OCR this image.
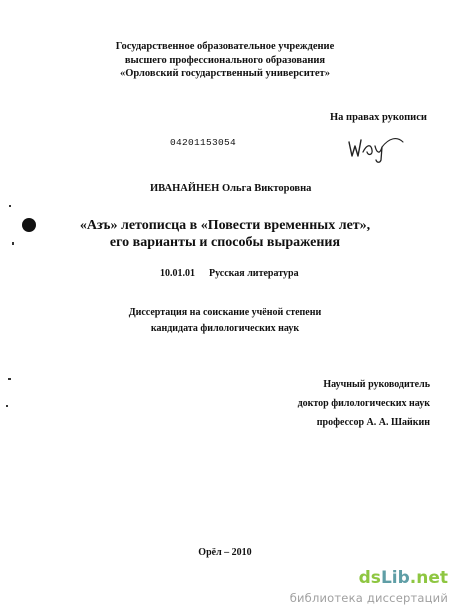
Государственное образовательное учреждение
высшего профессионального образования
«Орловский государственный университет»
На правах рукописи
04201153054
ИВАНАЙНЕН Ольга Викторовна
«Азъ» летописца в «Повести временных лет»,
его варианты и способы выражения
10.01.01 Русская литература
Диссертация на соискание учёной степени
кандидата филологических наук
Научный руководитель
доктор филологических наук
профессор А. А. Шайкин
Орёл – 2010
dsLib.net
библиотека диссертаций
